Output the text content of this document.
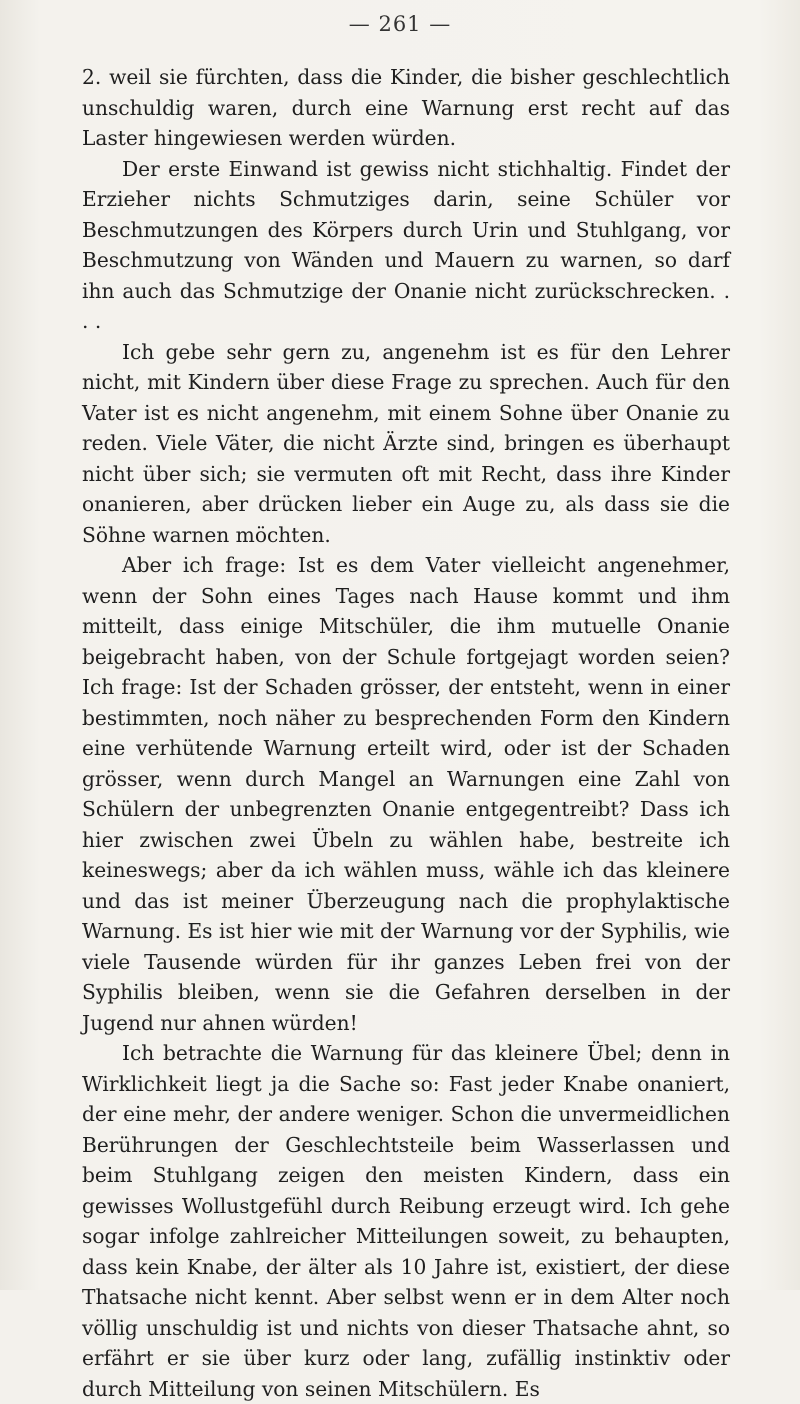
— 261 —

2. weil sie fürchten, dass die Kinder, die bisher geschlechtlich unschuldig waren, durch eine Warnung erst recht auf das Laster hingewiesen werden würden.

Der erste Einwand ist gewiss nicht stichhaltig. Findet der Erzieher nichts Schmutziges darin, seine Schüler vor Beschmutzungen des Körpers durch Urin und Stuhlgang, vor Beschmutzung von Wänden und Mauern zu warnen, so darf ihn auch das Schmutzige der Onanie nicht zurückschrecken. . . .

Ich gebe sehr gern zu, angenehm ist es für den Lehrer nicht, mit Kindern über diese Frage zu sprechen. Auch für den Vater ist es nicht angenehm, mit einem Sohne über Onanie zu reden. Viele Väter, die nicht Ärzte sind, bringen es überhaupt nicht über sich; sie vermuten oft mit Recht, dass ihre Kinder onanieren, aber drücken lieber ein Auge zu, als dass sie die Söhne warnen möchten.

Aber ich frage: Ist es dem Vater vielleicht angenehmer, wenn der Sohn eines Tages nach Hause kommt und ihm mitteilt, dass einige Mitschüler, die ihm mutuelle Onanie beigebracht haben, von der Schule fortgejagt worden seien? Ich frage: Ist der Schaden grösser, der entsteht, wenn in einer bestimmten, noch näher zu besprechenden Form den Kindern eine verhütende Warnung erteilt wird, oder ist der Schaden grösser, wenn durch Mangel an Warnungen eine Zahl von Schülern der unbegrenzten Onanie entgegentreibt? Dass ich hier zwischen zwei Übeln zu wählen habe, bestreite ich keineswegs; aber da ich wählen muss, wähle ich das kleinere und das ist meiner Überzeugung nach die prophylaktische Warnung. Es ist hier wie mit der Warnung vor der Syphilis, wie viele Tausende würden für ihr ganzes Leben frei von der Syphilis bleiben, wenn sie die Gefahren derselben in der Jugend nur ahnen würden!

Ich betrachte die Warnung für das kleinere Übel; denn in Wirklichkeit liegt ja die Sache so: Fast jeder Knabe onaniert, der eine mehr, der andere weniger. Schon die unvermeidlichen Berührungen der Geschlechtsteile beim Wasserlassen und beim Stuhlgang zeigen den meisten Kindern, dass ein gewisses Wollustgefühl durch Reibung erzeugt wird. Ich gehe sogar infolge zahlreicher Mitteilungen soweit, zu behaupten, dass kein Knabe, der älter als 10 Jahre ist, existiert, der diese Thatsache nicht kennt. Aber selbst wenn er in dem Alter noch völlig unschuldig ist und nichts von dieser Thatsache ahnt, so erfährt er sie über kurz oder lang, zufällig instinktiv oder durch Mitteilung von seinen Mitschülern. Es
